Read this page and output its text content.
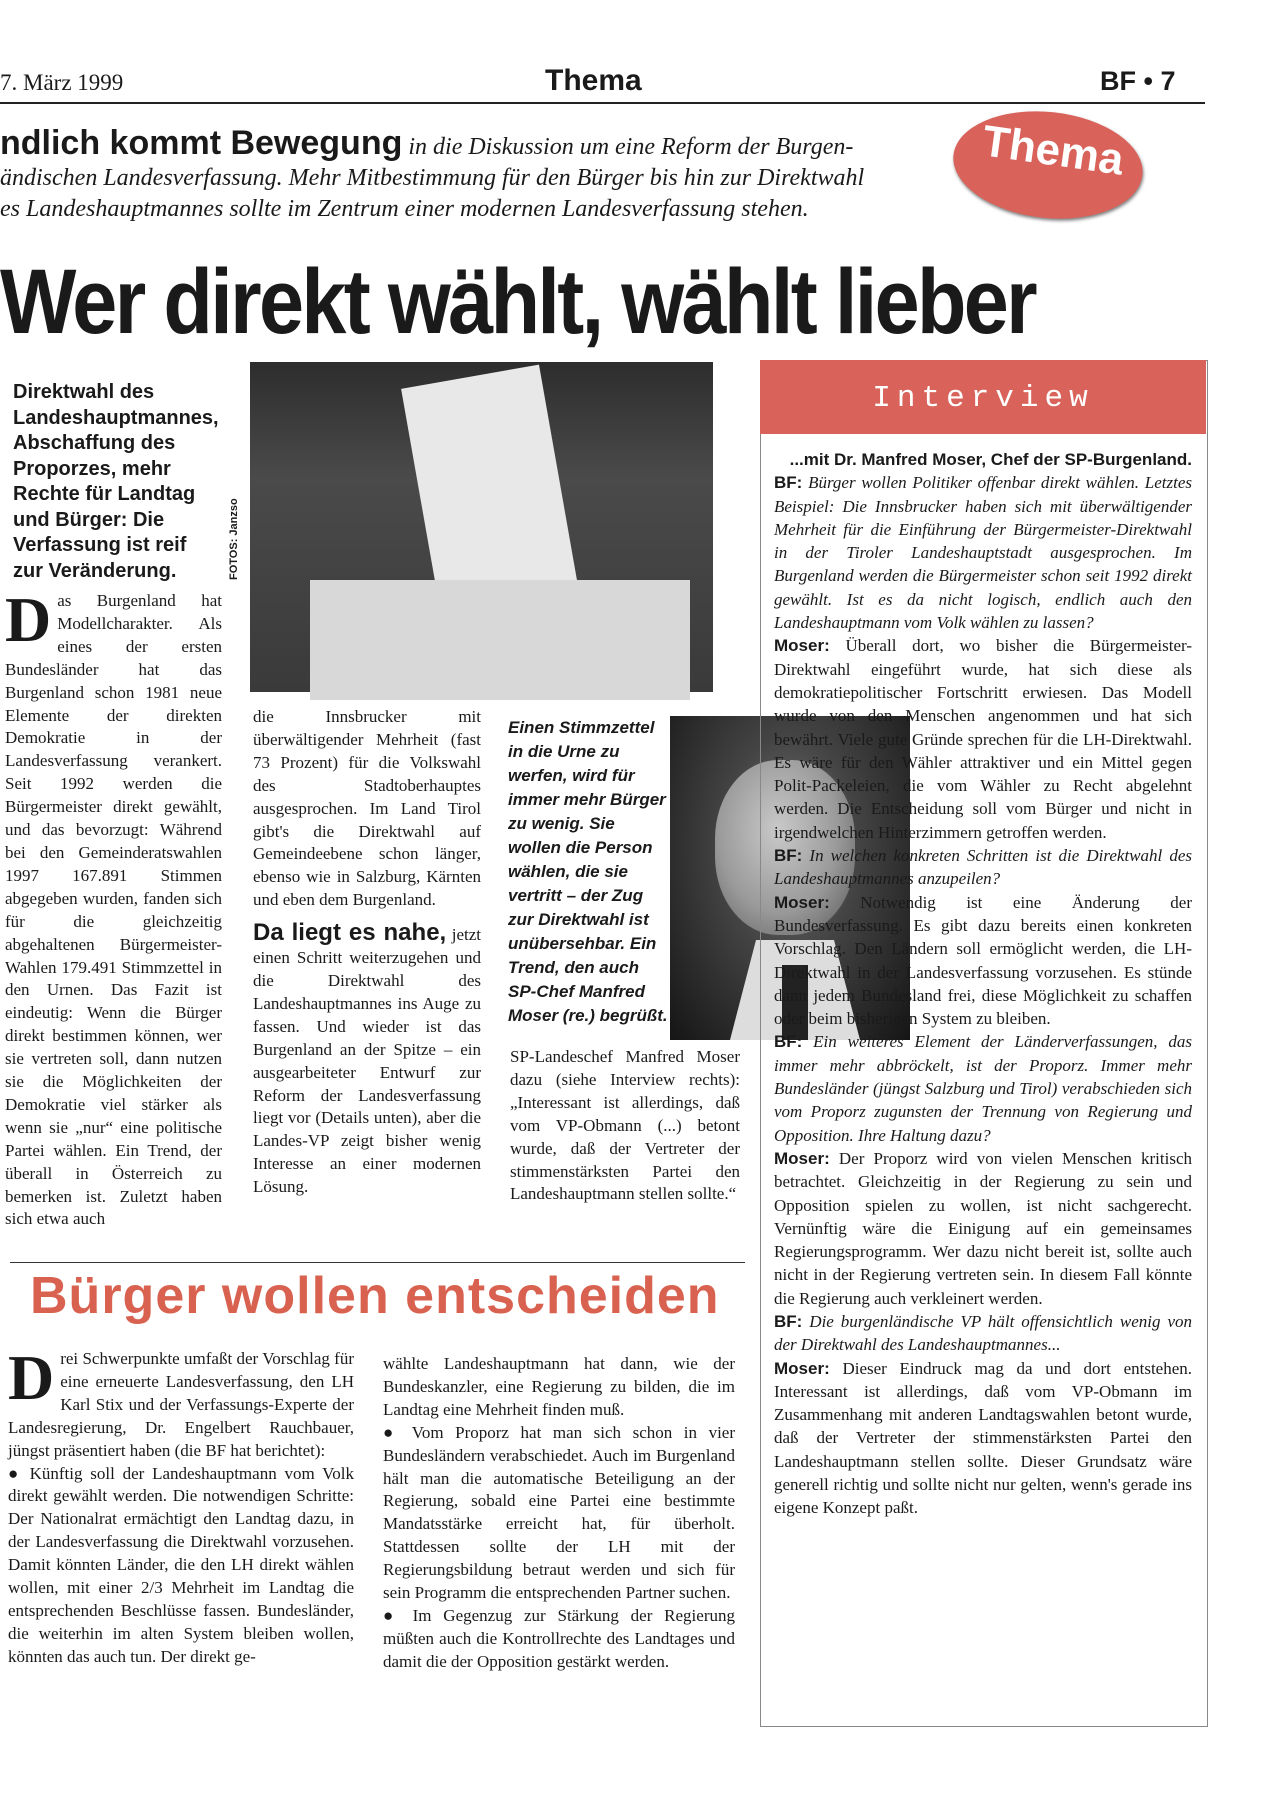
7. März 1999	Thema	BF • 7
Thema
ndlich kommt Bewegung in die Diskussion um eine Reform der Burgen-
ändischen Landesverfassung. Mehr Mitbestimmung für den Bürger bis hin zur Direktwahl
es Landeshauptmannes sollte im Zentrum einer modernen Landesverfassung stehen.
Wer direkt wählt, wählt lieber
Direktwahl des Landeshauptmannes, Abschaffung des Proporzes, mehr Rechte für Landtag und Bürger: Die Verfassung ist reif zur Veränderung.	FOTOS: Janzso

Das Burgenland hat Modellcharakter. Als eines der ersten Bundesländer hat das Burgenland schon 1981 neue Elemente der direkten Demokratie in der Landesverfassung verankert. Seit 1992 werden die Bürgermeister direkt gewählt, und das bevorzugt: Während bei den Gemeinderatswahlen 1997 167.891 Stimmen abgegeben wurden, fanden sich für die gleichzeitig abgehaltenen Bürgermeister-Wahlen 179.491 Stimmzettel in den Urnen. Das Fazit ist eindeutig: Wenn die Bürger direkt bestimmen können, wer sie vertreten soll, dann nutzen sie die Möglichkeiten der Demokratie viel stärker als wenn sie „nur“ eine politische Partei wählen. Ein Trend, der überall in Österreich zu bemerken ist. Zuletzt haben sich etwa auch

die Innsbrucker mit überwältigender Mehrheit (fast 73 Prozent) für die Volkswahl des Stadtoberhauptes ausgesprochen. Im Land Tirol gibt's die Direktwahl auf Gemeindeebene schon länger, ebenso wie in Salzburg, Kärnten und eben dem Burgenland.

Da liegt es nahe, jetzt einen Schritt weiterzugehen und die Direktwahl des Landeshauptmannes ins Auge zu fassen. Und wieder ist das Burgenland an der Spitze – ein ausgearbeiteter Entwurf zur Reform der Landesverfassung liegt vor (Details unten), aber die Landes-VP zeigt bisher wenig Interesse an einer modernen Lösung.

Einen Stimmzettel in die Urne zu werfen, wird für immer mehr Bürger zu wenig. Sie wollen die Person wählen, die sie vertritt – der Zug zur Direktwahl ist unübersehbar. Ein Trend, den auch SP-Chef Manfred Moser (re.) begrüßt.

SP-Landeschef Manfred Moser dazu (siehe Interview rechts): „Interessant ist allerdings, daß vom VP-Obmann (...) betont wurde, daß der Vertreter der stimmenstärksten Partei den Landeshauptmann stellen sollte.“

Interview

...mit Dr. Manfred Moser, Chef der SP-Burgenland.

BF: Bürger wollen Politiker offenbar direkt wählen. Letztes Beispiel: Die Innsbrucker haben sich mit überwältigender Mehrheit für die Einführung der Bürgermeister-Direktwahl in der Tiroler Landeshauptstadt ausgesprochen. Im Burgenland werden die Bürgermeister schon seit 1992 direkt gewählt. Ist es da nicht logisch, endlich auch den Landeshauptmann vom Volk wählen zu lassen?

Moser: Überall dort, wo bisher die Bürgermeister-Direktwahl eingeführt wurde, hat sich diese als demokratiepolitischer Fortschritt erwiesen. Das Modell wurde von den Menschen angenommen und hat sich bewährt. Viele gute Gründe sprechen für die LH-Direktwahl. Es wäre für den Wähler attraktiver und ein Mittel gegen Polit-Packeleien, die vom Wähler zu Recht abgelehnt werden. Die Entscheidung soll vom Bürger und nicht in irgendwelchen Hinterzimmern getroffen werden.

BF: In welchen konkreten Schritten ist die Direktwahl des Landeshauptmannes anzupeilen?

Moser: Notwendig ist eine Änderung der Bundesverfassung. Es gibt dazu bereits einen konkreten Vorschlag. Den Ländern soll ermöglicht werden, die LH-Direktwahl in der Landesverfassung vorzusehen. Es stünde dann jedem Bundesland frei, diese Möglichkeit zu schaffen oder beim bisherigen System zu bleiben.

BF: Ein weiteres Element der Länderverfassungen, das immer mehr abbröckelt, ist der Proporz. Immer mehr Bundesländer (jüngst Salzburg und Tirol) verabschieden sich vom Proporz zugunsten der Trennung von Regierung und Opposition. Ihre Haltung dazu?

Moser: Der Proporz wird von vielen Menschen kritisch betrachtet. Gleichzeitig in der Regierung zu sein und Opposition spielen zu wollen, ist nicht sachgerecht. Vernünftig wäre die Einigung auf ein gemeinsames Regierungsprogramm. Wer dazu nicht bereit ist, sollte auch nicht in der Regierung vertreten sein. In diesem Fall könnte die Regierung auch verkleinert werden.

BF: Die burgenländische VP hält offensichtlich wenig von der Direktwahl des Landeshauptmannes...

Moser: Dieser Eindruck mag da und dort entstehen. Interessant ist allerdings, daß vom VP-Obmann im Zusammenhang mit anderen Landtagswahlen betont wurde, daß der Vertreter der stimmenstärksten Partei den Landeshauptmann stellen sollte. Dieser Grundsatz wäre generell richtig und sollte nicht nur gelten, wenn's gerade ins eigene Konzept paßt.

Bürger wollen entscheiden

Drei Schwerpunkte umfaßt der Vorschlag für eine erneuerte Landesverfassung, den LH Karl Stix und der Verfassungs-Experte der Landesregierung, Dr. Engelbert Rauchbauer, jüngst präsentiert haben (die BF hat berichtet):

● Künftig soll der Landeshauptmann vom Volk direkt gewählt werden. Die notwendigen Schritte: Der Nationalrat ermächtigt den Landtag dazu, in der Landesverfassung die Direktwahl vorzusehen. Damit könnten Länder, die den LH direkt wählen wollen, mit einer 2/3 Mehrheit im Landtag die entsprechenden Beschlüsse fassen. Bundesländer, die weiterhin im alten System bleiben wollen, könnten das auch tun. Der direkt ge-

wählte Landeshauptmann hat dann, wie der Bundeskanzler, eine Regierung zu bilden, die im Landtag eine Mehrheit finden muß.

● Vom Proporz hat man sich schon in vier Bundesländern verabschiedet. Auch im Burgenland hält man die automatische Beteiligung an der Regierung, sobald eine Partei eine bestimmte Mandatsstärke erreicht hat, für überholt. Stattdessen sollte der LH mit der Regierungsbildung betraut werden und sich für sein Programm die entsprechenden Partner suchen.

● Im Gegenzug zur Stärkung der Regierung müßten auch die Kontrollrechte des Landtages und damit die der Opposition gestärkt werden.
